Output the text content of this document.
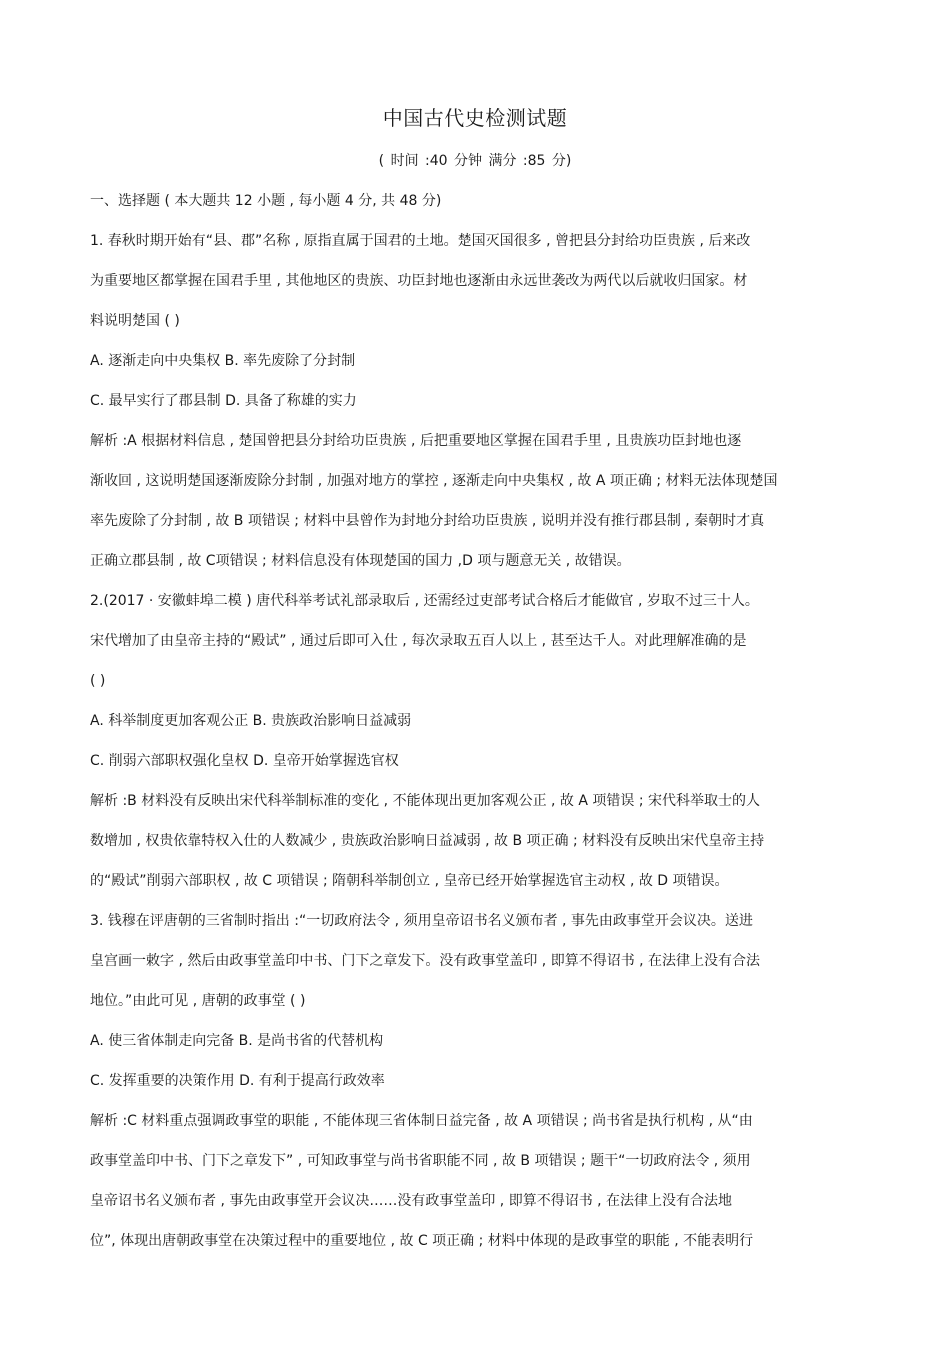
中国古代史检测试题
( 时间 :40 分钟 满分 :85 分)
一、选择题 ( 本大题共 12 小题 , 每小题 4 分, 共 48 分)
1. 春秋时期开始有“县、郡”名称 , 原指直属于国君的土地。楚国灭国很多 , 曾把县分封给功臣贵族 , 后来改
为重要地区都掌握在国君手里 , 其他地区的贵族、功臣封地也逐渐由永远世袭改为两代以后就收归国家。材
料说明楚国 ( )
A. 逐渐走向中央集权 B. 率先废除了分封制
C. 最早实行了郡县制 D. 具备了称雄的实力
解析 :A 根据材料信息 , 楚国曾把县分封给功臣贵族 , 后把重要地区掌握在国君手里 , 且贵族功臣封地也逐
渐收回 , 这说明楚国逐渐废除分封制 , 加强对地方的掌控 , 逐渐走向中央集权 , 故 A 项正确 ; 材料无法体现楚国
率先废除了分封制 , 故 B 项错误 ; 材料中县曾作为封地分封给功臣贵族 , 说明并没有推行郡县制 , 秦朝时才真
正确立郡县制 , 故 C项错误 ; 材料信息没有体现楚国的国力 ,D 项与题意无关 , 故错误。
2.(2017 · 安徽蚌埠二模 ) 唐代科举考试礼部录取后 , 还需经过吏部考试合格后才能做官 , 岁取不过三十人。
宋代增加了由皇帝主持的“殿试” , 通过后即可入仕 , 每次录取五百人以上 , 甚至达千人。对此理解准确的是
( )
A. 科举制度更加客观公正 B. 贵族政治影响日益减弱
C. 削弱六部职权强化皇权 D. 皇帝开始掌握选官权
解析 :B 材料没有反映出宋代科举制标准的变化 , 不能体现出更加客观公正 , 故 A 项错误 ; 宋代科举取士的人
数增加 , 权贵依靠特权入仕的人数减少 , 贵族政治影响日益减弱 , 故 B 项正确 ; 材料没有反映出宋代皇帝主持
的“殿试”削弱六部职权 , 故 C 项错误 ; 隋朝科举制创立 , 皇帝已经开始掌握选官主动权 , 故 D 项错误。
3. 钱穆在评唐朝的三省制时指出 :“一切政府法令 , 须用皇帝诏书名义颁布者 , 事先由政事堂开会议决。送进
皇宫画一敕字 , 然后由政事堂盖印中书、门下之章发下。没有政事堂盖印 , 即算不得诏书 , 在法律上没有合法
地位。”由此可见 , 唐朝的政事堂 ( )
A. 使三省体制走向完备 B. 是尚书省的代替机构
C. 发挥重要的决策作用 D. 有利于提高行政效率
解析 :C 材料重点强调政事堂的职能 , 不能体现三省体制日益完备 , 故 A 项错误 ; 尚书省是执行机构 , 从“由
政事堂盖印中书、门下之章发下” , 可知政事堂与尚书省职能不同 , 故 B 项错误 ; 题干“一切政府法令 , 须用
皇帝诏书名义颁布者 , 事先由政事堂开会议决……没有政事堂盖印 , 即算不得诏书 , 在法律上没有合法地
位”, 体现出唐朝政事堂在决策过程中的重要地位 , 故 C 项正确 ; 材料中体现的是政事堂的职能 , 不能表明行
